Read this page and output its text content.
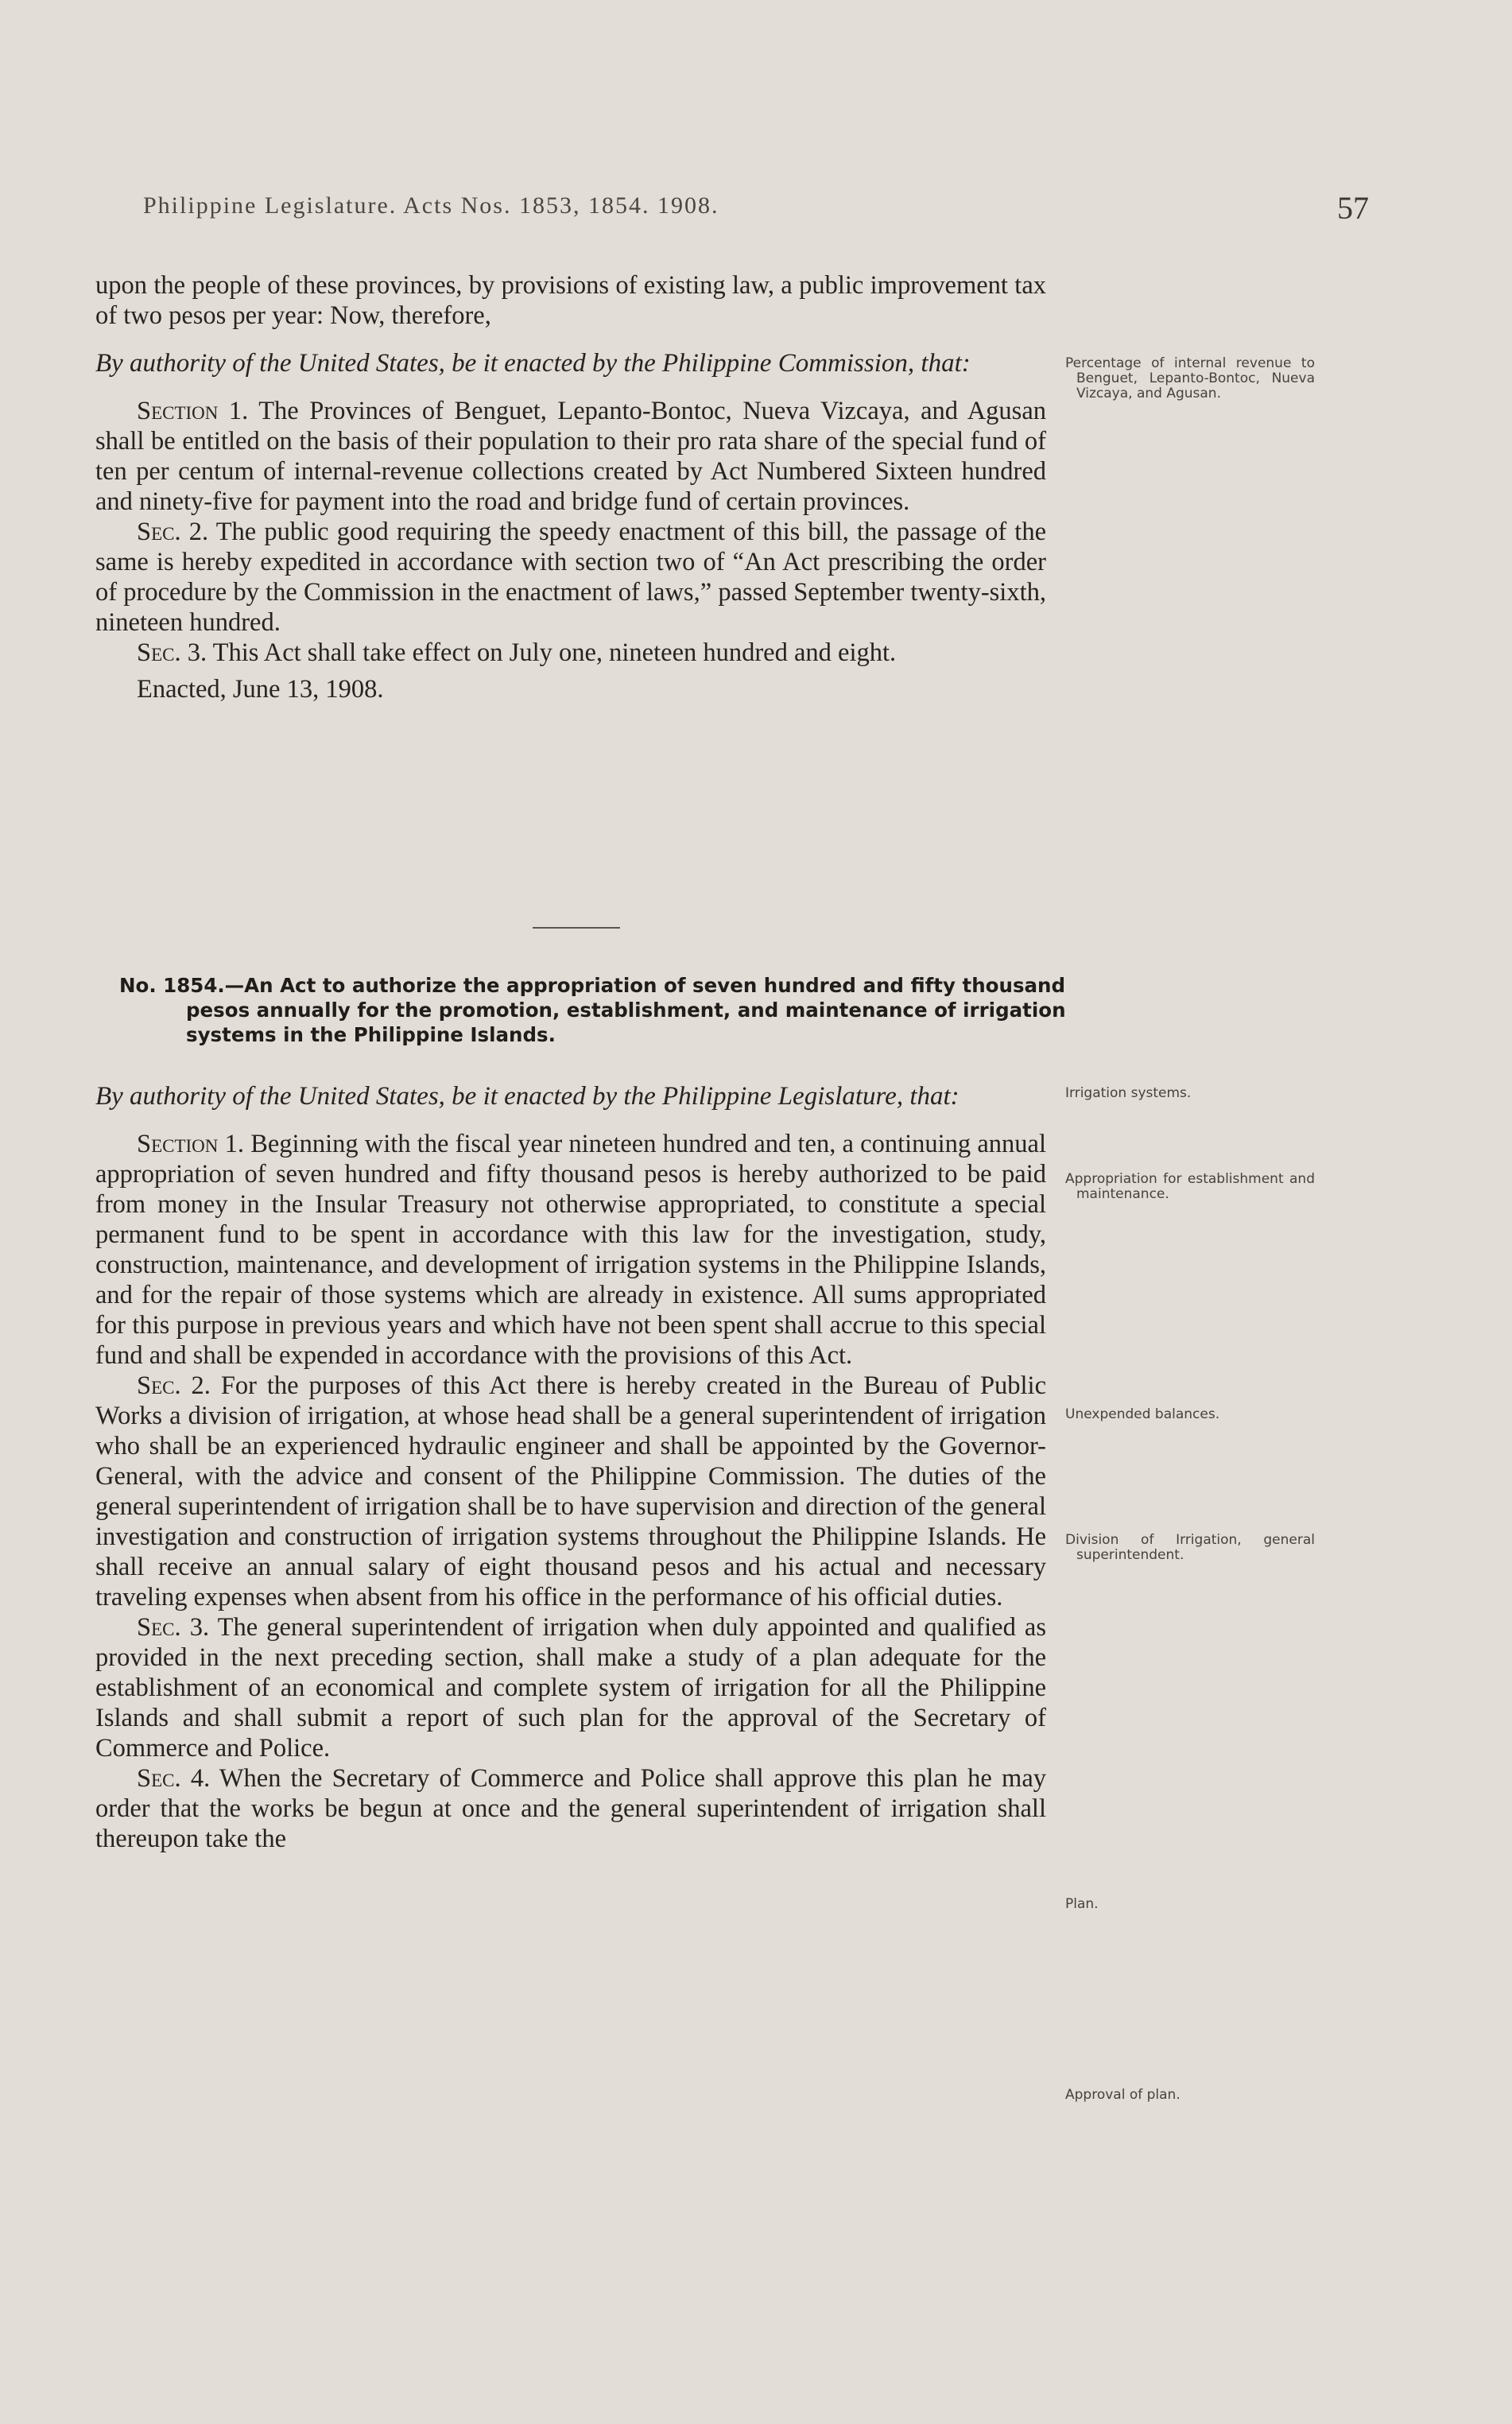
Philippine Legislature. Acts Nos. 1853, 1854. 1908.	57

upon the people of these provinces, by provisions of existing law, a public improvement tax of two pesos per year: Now, therefore,

By authority of the United States, be it enacted by the Philippine Commission, that:

Section 1. The Provinces of Benguet, Lepanto-Bontoc, Nueva Vizcaya, and Agusan shall be entitled on the basis of their population to their pro rata share of the special fund of ten per centum of internal-revenue collections created by Act Numbered Sixteen hundred and ninety-five for payment into the road and bridge fund of certain provinces.

Sec. 2. The public good requiring the speedy enactment of this bill, the passage of the same is hereby expedited in accordance with section two of “An Act prescribing the order of procedure by the Commission in the enactment of laws,” passed September twenty-sixth, nineteen hundred.

Sec. 3. This Act shall take effect on July one, nineteen hundred and eight.

Enacted, June 13, 1908.

No. 1854.—An Act to authorize the appropriation of seven hundred and fifty thousand pesos annually for the promotion, establishment, and maintenance of irrigation systems in the Philippine Islands.

By authority of the United States, be it enacted by the Philippine Legislature, that:

Section 1. Beginning with the fiscal year nineteen hundred and ten, a continuing annual appropriation of seven hundred and fifty thousand pesos is hereby authorized to be paid from money in the Insular Treasury not otherwise appropriated, to constitute a special permanent fund to be spent in accordance with this law for the investigation, study, construction, maintenance, and development of irrigation systems in the Philippine Islands, and for the repair of those systems which are already in existence. All sums appropriated for this purpose in previous years and which have not been spent shall accrue to this special fund and shall be expended in accordance with the provisions of this Act.

Sec. 2. For the purposes of this Act there is hereby created in the Bureau of Public Works a division of irrigation, at whose head shall be a general superintendent of irrigation who shall be an experienced hydraulic engineer and shall be appointed by the Governor-General, with the advice and consent of the Philippine Commission. The duties of the general superintendent of irrigation shall be to have supervision and direction of the general investigation and construction of irrigation systems throughout the Philippine Islands. He shall receive an annual salary of eight thousand pesos and his actual and necessary traveling expenses when absent from his office in the performance of his official duties.

Sec. 3. The general superintendent of irrigation when duly appointed and qualified as provided in the next preceding section, shall make a study of a plan adequate for the establishment of an economical and complete system of irrigation for all the Philippine Islands and shall submit a report of such plan for the approval of the Secretary of Commerce and Police.

Sec. 4. When the Secretary of Commerce and Police shall approve this plan he may order that the works be begun at once and the general superintendent of irrigation shall thereupon take the

Percentage of internal revenue to Benguet, Lepanto-Bontoc, Nueva Vizcaya, and Agusan.
Irrigation systems.
Appropriation for establishment and maintenance.
Unexpended balances.
Division of Irrigation, general superintendent.
Plan.
Approval of plan.
